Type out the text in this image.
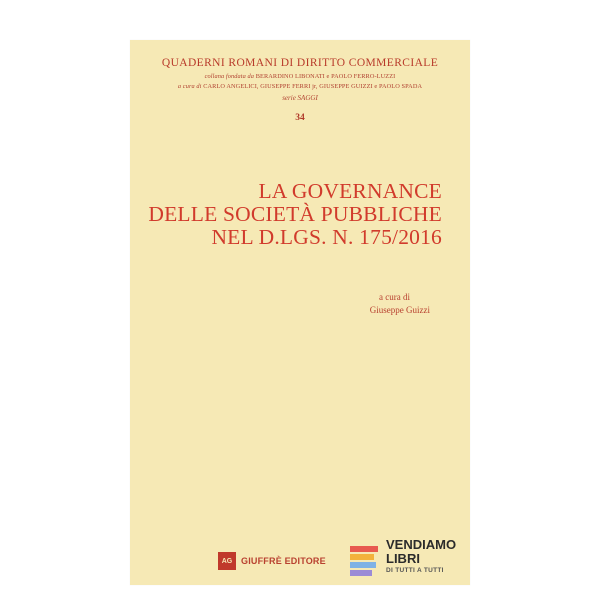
QUADERNI ROMANI DI DIRITTO COMMERCIALE
collana fondata da BERARDINO LIBONATI e PAOLO FERRO-LUZZI
a cura di CARLO ANGELICI, GIUSEPPE FERRI jr, GIUSEPPE GUIZZI e PAOLO SPADA
serie SAGGI
34
LA GOVERNANCE
DELLE SOCIETÀ PUBBLICHE
NEL D.LGS. N. 175/2016
a cura di
Giuseppe Guizzi
AG GIUFFRÈ EDITORE
VENDIAMO
LIBRI
DI TUTTI A TUTTI
